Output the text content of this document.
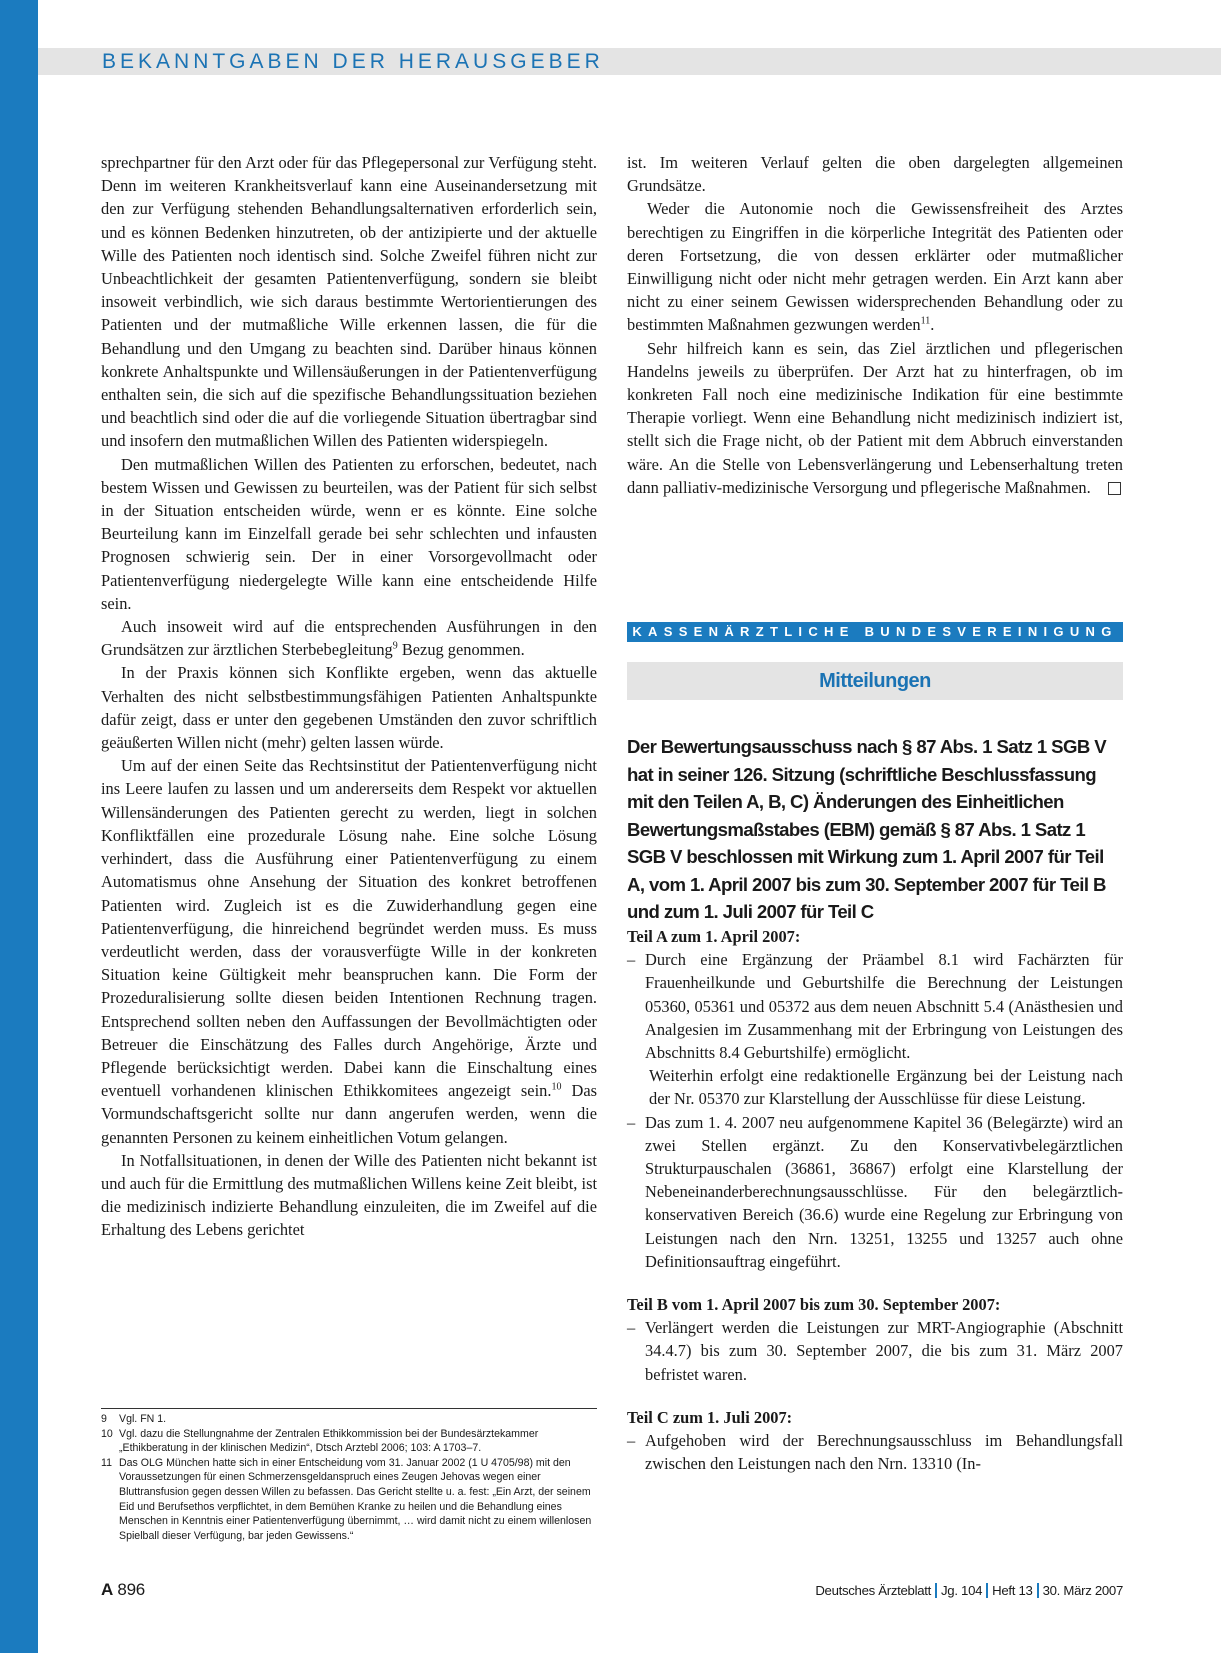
BEKANNTGABEN DER HERAUSGEBER

sprechpartner für den Arzt oder für das Pflegepersonal zur Verfügung steht. Denn im weiteren Krankheitsverlauf kann eine Auseinandersetzung mit den zur Verfügung stehenden Behandlungsalternativen erforderlich sein, und es können Bedenken hinzutreten, ob der antizipierte und der aktuelle Wille des Patienten noch identisch sind. Solche Zweifel führen nicht zur Unbeachtlichkeit der gesamten Patientenverfügung, sondern sie bleibt insoweit verbindlich, wie sich daraus bestimmte Wertorientierungen des Patienten und der mutmaßliche Wille erkennen lassen, die für die Behandlung und den Umgang zu beachten sind. Darüber hinaus können konkrete Anhaltspunkte und Willensäußerungen in der Patientenverfügung enthalten sein, die sich auf die spezifische Behandlungssituation beziehen und beachtlich sind oder die auf die vorliegende Situation übertragbar sind und insofern den mutmaßlichen Willen des Patienten widerspiegeln.

Den mutmaßlichen Willen des Patienten zu erforschen, bedeutet, nach bestem Wissen und Gewissen zu beurteilen, was der Patient für sich selbst in der Situation entscheiden würde, wenn er es könnte. Eine solche Beurteilung kann im Einzelfall gerade bei sehr schlechten und infausten Prognosen schwierig sein. Der in einer Vorsorgevollmacht oder Patientenverfügung niedergelegte Wille kann eine entscheidende Hilfe sein.

Auch insoweit wird auf die entsprechenden Ausführungen in den Grundsätzen zur ärztlichen Sterbebegleitung$^9$ Bezug genommen.

In der Praxis können sich Konflikte ergeben, wenn das aktuelle Verhalten des nicht selbstbestimmungsfähigen Patienten Anhaltspunkte dafür zeigt, dass er unter den gegebenen Umständen den zuvor schriftlich geäußerten Willen nicht (mehr) gelten lassen würde.

Um auf der einen Seite das Rechtsinstitut der Patientenverfügung nicht ins Leere laufen zu lassen und um andererseits dem Respekt vor aktuellen Willensänderungen des Patienten gerecht zu werden, liegt in solchen Konfliktfällen eine prozedurale Lösung nahe. Eine solche Lösung verhindert, dass die Ausführung einer Patientenverfügung zu einem Automatismus ohne Ansehung der Situation des konkret betroffenen Patienten wird. Zugleich ist es die Zuwiderhandlung gegen eine Patientenverfügung, die hinreichend begründet werden muss. Es muss verdeutlicht werden, dass der vorausverfügte Wille in der konkreten Situation keine Gültigkeit mehr beanspruchen kann. Die Form der Prozeduralisierung sollte diesen beiden Intentionen Rechnung tragen. Entsprechend sollten neben den Auffassungen der Bevollmächtigten oder Betreuer die Einschätzung des Falles durch Angehörige, Ärzte und Pflegende berücksichtigt werden. Dabei kann die Einschaltung eines eventuell vorhandenen klinischen Ethikkomitees angezeigt sein.$^{10}$ Das Vormundschaftsgericht sollte nur dann angerufen werden, wenn die genannten Personen zu keinem einheitlichen Votum gelangen.

In Notfallsituationen, in denen der Wille des Patienten nicht bekannt ist und auch für die Ermittlung des mutmaßlichen Willens keine Zeit bleibt, ist die medizinisch indizierte Behandlung einzuleiten, die im Zweifel auf die Erhaltung des Lebens gerichtet

ist. Im weiteren Verlauf gelten die oben dargelegten allgemeinen Grundsätze.

Weder die Autonomie noch die Gewissensfreiheit des Arztes berechtigen zu Eingriffen in die körperliche Integrität des Patienten oder deren Fortsetzung, die von dessen erklärter oder mutmaßlicher Einwilligung nicht oder nicht mehr getragen werden. Ein Arzt kann aber nicht zu einer seinem Gewissen widersprechenden Behandlung oder zu bestimmten Maßnahmen gezwungen werden$^{11}$.

Sehr hilfreich kann es sein, das Ziel ärztlichen und pflegerischen Handelns jeweils zu überprüfen. Der Arzt hat zu hinterfragen, ob im konkreten Fall noch eine medizinische Indikation für eine bestimmte Therapie vorliegt. Wenn eine Behandlung nicht medizinisch indiziert ist, stellt sich die Frage nicht, ob der Patient mit dem Abbruch einverstanden wäre. An die Stelle von Lebensverlängerung und Lebenserhaltung treten dann palliativ-medizinische Versorgung und pflegerische Maßnahmen.

KASSENÄRZTLICHE BUNDESVEREINIGUNG
Mitteilungen
Der Bewertungsausschuss nach § 87 Abs. 1 Satz 1 SGB V hat in seiner 126. Sitzung (schriftliche Beschlussfassung mit den Teilen A, B, C) Änderungen des Einheitlichen Bewertungsmaßstabes (EBM) gemäß § 87 Abs. 1 Satz 1 SGB V beschlossen mit Wirkung zum 1. April 2007 für Teil A, vom 1. April 2007 bis zum 30. September 2007 für Teil B und zum 1. Juli 2007 für Teil C

Teil A zum 1. April 2007:

– Durch eine Ergänzung der Präambel 8.1 wird Fachärzten für Frauenheilkunde und Geburtshilfe die Berechnung der Leistungen 05360, 05361 und 05372 aus dem neuen Abschnitt 5.4 (Anästhesien und Analgesien im Zusammenhang mit der Erbringung von Leistungen des Abschnitts 8.4 Geburtshilfe) ermöglicht.

Weiterhin erfolgt eine redaktionelle Ergänzung bei der Leistung nach der Nr. 05370 zur Klarstellung der Ausschlüsse für diese Leistung.

– Das zum 1. 4. 2007 neu aufgenommene Kapitel 36 (Belegärzte) wird an zwei Stellen ergänzt. Zu den Konservativbelegärztlichen Strukturpauschalen (36861, 36867) erfolgt eine Klarstellung der Nebeneinanderberechnungsausschlüsse. Für den belegärztlich-konservativen Bereich (36.6) wurde eine Regelung zur Erbringung von Leistungen nach den Nrn. 13251, 13255 und 13257 auch ohne Definitionsauftrag eingeführt.

Teil B vom 1. April 2007 bis zum 30. September 2007:

– Verlängert werden die Leistungen zur MRT-Angiographie (Abschnitt 34.4.7) bis zum 30. September 2007, die bis zum 31. März 2007 befristet waren.

Teil C zum 1. Juli 2007:

– Aufgehoben wird der Berechnungsausschluss im Behandlungsfall zwischen den Leistungen nach den Nrn. 13310 (In-
9	Vgl. FN 1.
10 Vgl. dazu die Stellungnahme der Zentralen Ethikkommission bei der Bundesärztekammer „Ethikberatung in der klinischen Medizin“, Dtsch Arztebl 2006; 103: A 1703–7.
11 Das OLG München hatte sich in einer Entscheidung vom 31. Januar 2002 (1 U 4705/98) mit den Voraussetzungen für einen Schmerzensgeldanspruch eines Zeugen Jehovas wegen einer Bluttransfusion gegen dessen Willen zu befassen. Das Gericht stellte u. a. fest: „Ein Arzt, der seinem Eid und Berufsethos verpflichtet, in dem Bemühen Kranke zu heilen und die Behandlung eines Menschen in Kenntnis einer Patientenverfügung übernimmt, … wird damit nicht zu einem willenlosen Spielball dieser Verfügung, bar jeden Gewissens.“
A 896	Deutsches Ärzteblatt Jg. 104 Heft 13 30. März 2007
